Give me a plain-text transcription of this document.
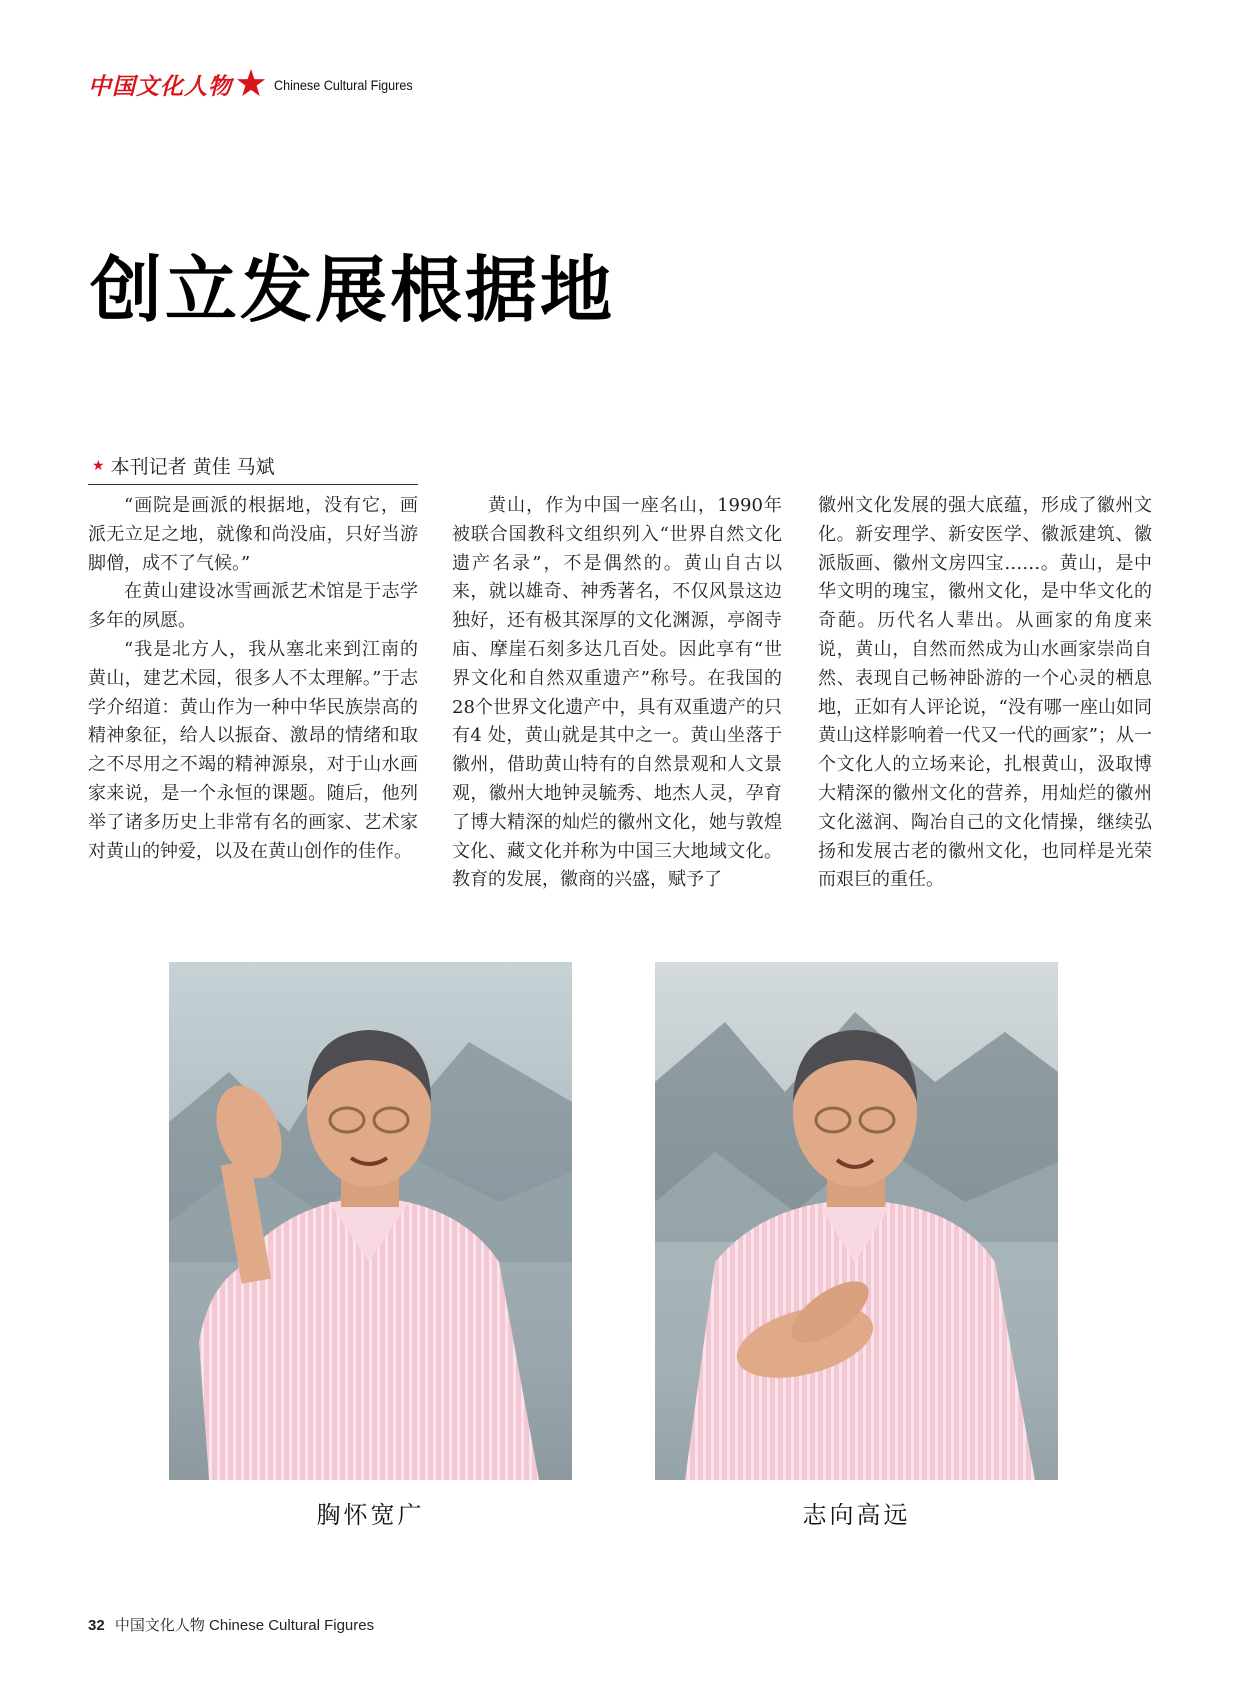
中国文化人物	Chinese Cultural Figures
创立发展根据地
★ 本刊记者 黄佳 马斌

“画院是画派的根据地，没有它，画派无立足之地，就像和尚没庙，只好当游脚僧，成不了气候。”

在黄山建设冰雪画派艺术馆是于志学多年的夙愿。

“我是北方人，我从塞北来到江南的黄山，建艺术园，很多人不太理解。”于志学介绍道：黄山作为一种中华民族崇高的精神象征，给人以振奋、激昂的情绪和取之不尽用之不竭的精神源泉，对于山水画家来说，是一个永恒的课题。随后，他列举了诸多历史上非常有名的画家、艺术家对黄山的钟爱，以及在黄山创作的佳作。

黄山，作为中国一座名山，1990年被联合国教科文组织列入“世界自然文化遗产名录”，不是偶然的。黄山自古以来，就以雄奇、神秀著名，不仅风景这边独好，还有极其深厚的文化渊源，亭阁寺庙、摩崖石刻多达几百处。因此享有“世界文化和自然双重遗产”称号。在我国的28个世界文化遗产中，具有双重遗产的只有4 处，黄山就是其中之一。黄山坐落于徽州，借助黄山特有的自然景观和人文景观，徽州大地钟灵毓秀、地杰人灵，孕育了博大精深的灿烂的徽州文化，她与敦煌文化、藏文化并称为中国三大地域文化。教育的发展，徽商的兴盛，赋予了

徽州文化发展的强大底蕴，形成了徽州文化。新安理学、新安医学、徽派建筑、徽派版画、徽州文房四宝……。黄山，是中华文明的瑰宝，徽州文化，是中华文化的奇葩。历代名人辈出。从画家的角度来说，黄山，自然而然成为山水画家崇尚自然、表现自己畅神卧游的一个心灵的栖息地，正如有人评论说，“没有哪一座山如同黄山这样影响着一代又一代的画家”；从一个文化人的立场来论，扎根黄山，汲取博大精深的徽州文化的营养，用灿烂的徽州文化滋润、陶冶自己的文化情操，继续弘扬和发展古老的徽州文化，也同样是光荣而艰巨的重任。

胸怀宽广	志向高远
32 中国文化人物 Chinese Cultural Figures
